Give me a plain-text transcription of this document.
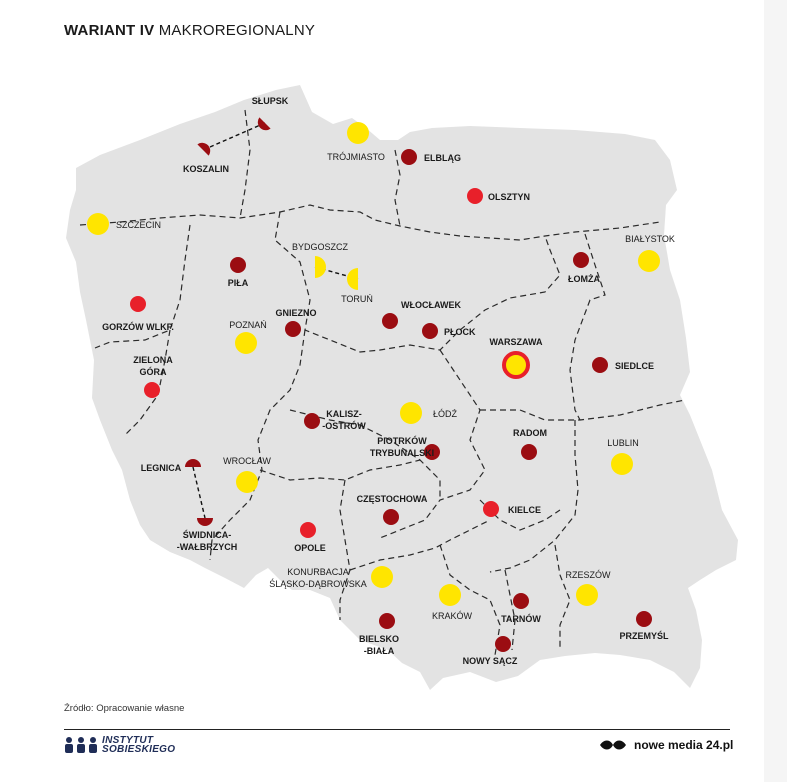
WARIANT IV MAKROREGIONALNY
SŁUPSK
KOSZALIN
TRÓJMIASTO	ELBLĄG
OLSZTYN
SZCZECIN
BYDGOSZCZ
TORUŃ
BIAŁYSTOK
ŁOMŻA
PIŁA
GORZÓW WLKP.	POZNAŃ
GNIEZNO
WŁOCŁAWEK
PŁOCK
WARSZAWA
SIEDLCE
ZIELONA
GÓRA
KALISZ-
-OSTRÓW
ŁÓDŹ
PIOTRKÓW
TRYBUNALSKI
RADOM
LUBLIN
LEGNICA
WROCŁAW
ŚWIDNICA-
-WAŁBRZYCH
CZĘSTOCHOWA
KIELCE
OPOLE
KONURBACJA
ŚLĄSKO-DĄBROWSKA
KRAKÓW
RZESZÓW
TARNÓW
PRZEMYŚL
BIELSKO
-BIAŁA
NOWY SĄCZ
Źródło: Opracowanie własne
INSTYTUT
SOBIESKIEGO	nowe media 24.pl
